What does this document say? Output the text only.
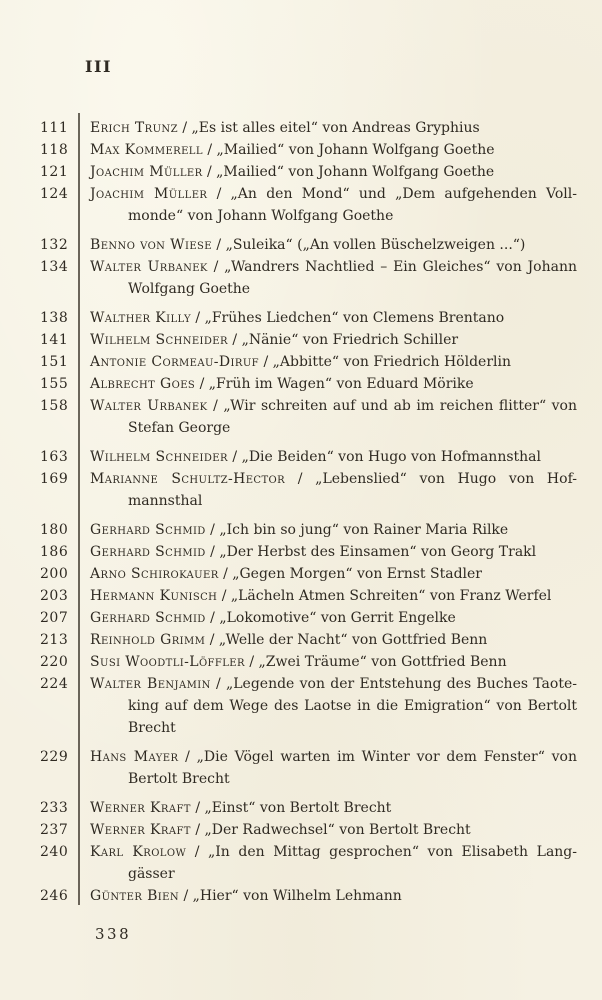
III
111	Erich Trunz / „Es ist alles eitel“ von Andreas Gryphius
118	Max Kommerell / „Mailied“ von Johann Wolfgang Goethe
121	Joachim Müller / „Mailied“ von Johann Wolfgang Goethe
124	Joachim Müller / „An den Mond“ und „Dem aufgehenden Voll-
monde“ von Johann Wolfgang Goethe
132	Benno von Wiese / „Suleika“ („An vollen Büschelzweigen ...“)
134	Walter Urbanek / „Wandrers Nachtlied – Ein Gleiches“ von Johann
Wolfgang Goethe
138	Walther Killy / „Frühes Liedchen“ von Clemens Brentano
141	Wilhelm Schneider / „Nänie“ von Friedrich Schiller
151	Antonie Cormeau-Diruf / „Abbitte“ von Friedrich Hölderlin
155	Albrecht Goes / „Früh im Wagen“ von Eduard Mörike
158	Walter Urbanek / „Wir schreiten auf und ab im reichen flitter“ von
Stefan George
163	Wilhelm Schneider / „Die Beiden“ von Hugo von Hofmannsthal
169	Marianne Schultz-Hector / „Lebenslied“ von Hugo von Hof-
mannsthal
180	Gerhard Schmid / „Ich bin so jung“ von Rainer Maria Rilke
186	Gerhard Schmid / „Der Herbst des Einsamen“ von Georg Trakl
200	Arno Schirokauer / „Gegen Morgen“ von Ernst Stadler
203	Hermann Kunisch / „Lächeln Atmen Schreiten“ von Franz Werfel
207	Gerhard Schmid / „Lokomotive“ von Gerrit Engelke
213	Reinhold Grimm / „Welle der Nacht“ von Gottfried Benn
220	Susi Woodtli-Löffler / „Zwei Träume“ von Gottfried Benn
224	Walter Benjamin / „Legende von der Entstehung des Buches Taote-
king auf dem Wege des Laotse in die Emigration“ von Bertolt
Brecht
229	Hans Mayer / „Die Vögel warten im Winter vor dem Fenster“ von
Bertolt Brecht
233	Werner Kraft / „Einst“ von Bertolt Brecht
237	Werner Kraft / „Der Radwechsel“ von Bertolt Brecht
240	Karl Krolow / „In den Mittag gesprochen“ von Elisabeth Lang-
gässer
246	Günter Bien / „Hier“ von Wilhelm Lehmann
338
